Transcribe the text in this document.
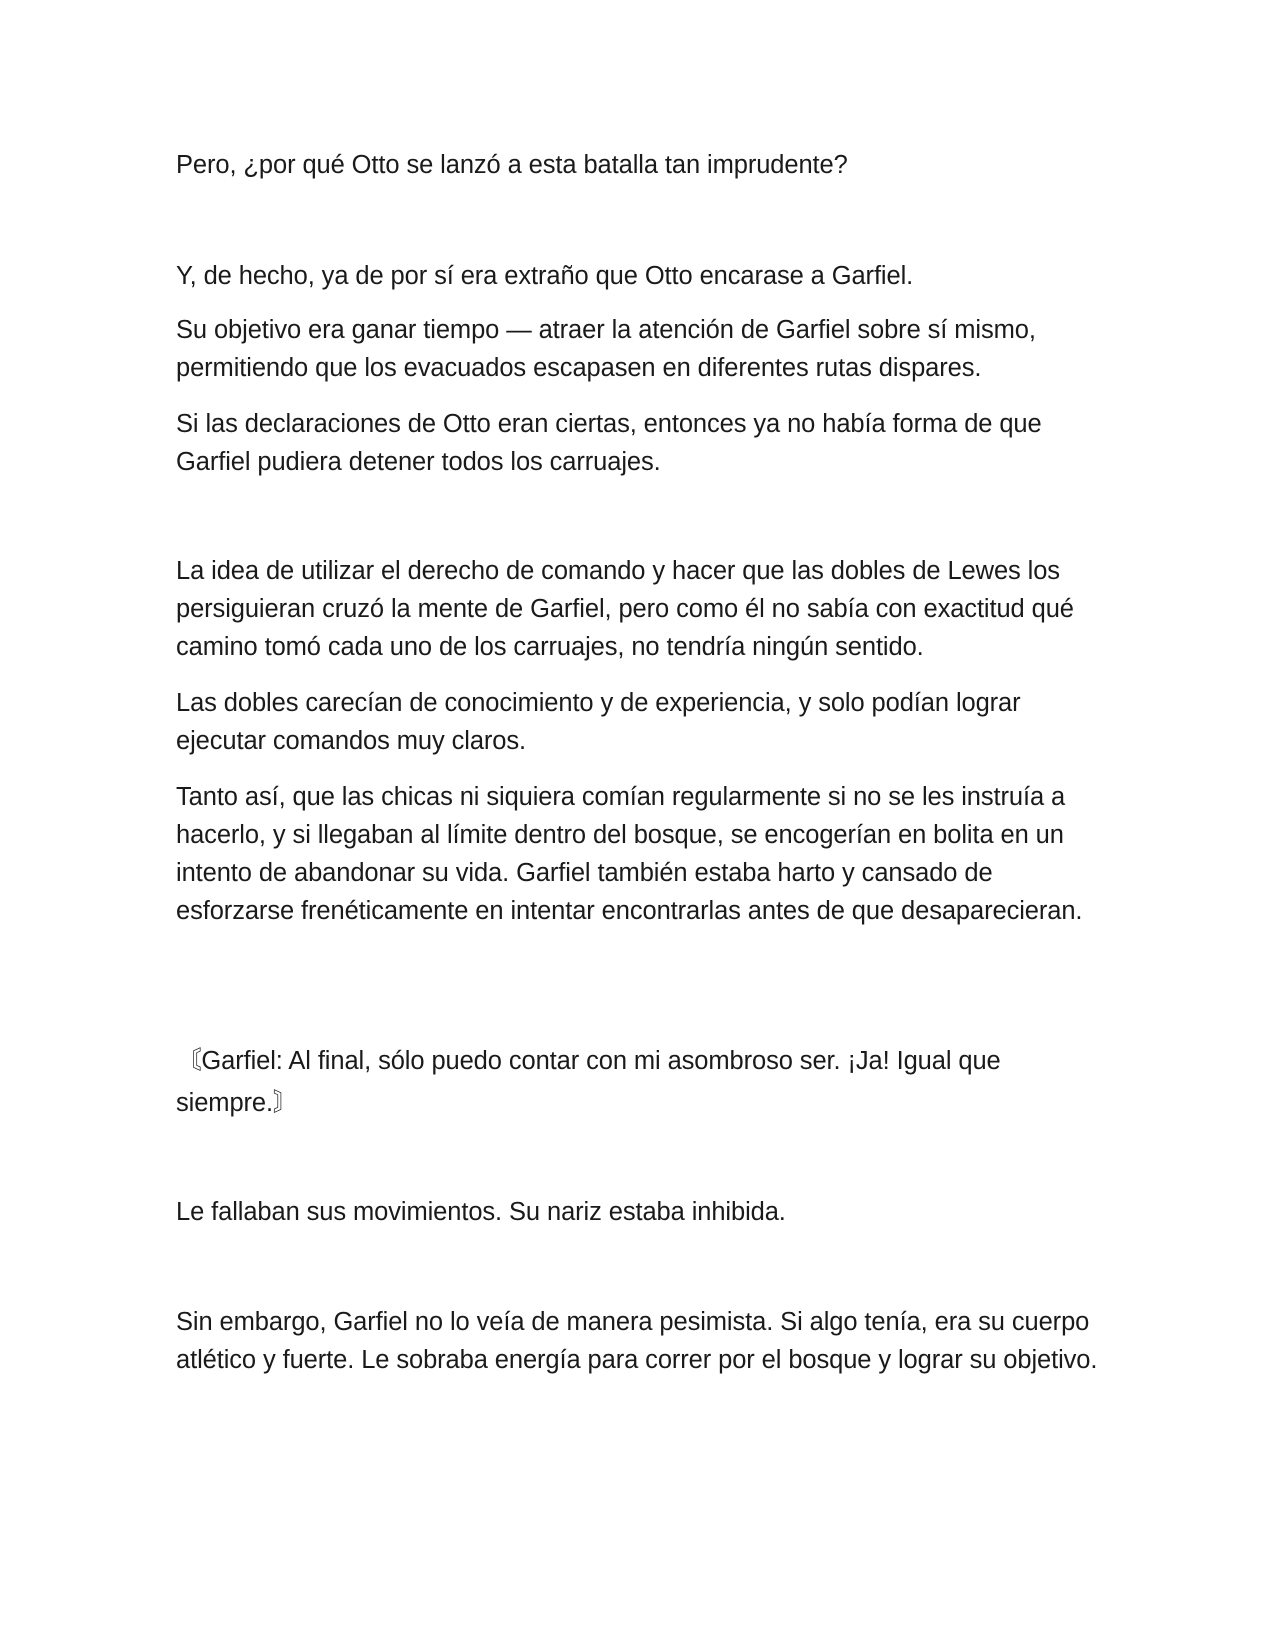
Pero, ¿por qué Otto se lanzó a esta batalla tan imprudente?

Y, de hecho, ya de por sí era extraño que Otto encarase a Garfiel.

Su objetivo era ganar tiempo — atraer la atención de Garfiel sobre sí mismo, permitiendo que los evacuados escapasen en diferentes rutas dispares.

Si las declaraciones de Otto eran ciertas, entonces ya no había forma de que Garfiel pudiera detener todos los carruajes.

La idea de utilizar el derecho de comando y hacer que las dobles de Lewes los persiguieran cruzó la mente de Garfiel, pero como él no sabía con exactitud qué camino tomó cada uno de los carruajes, no tendría ningún sentido.

Las dobles carecían de conocimiento y de experiencia, y solo podían lograr ejecutar comandos muy claros.

Tanto así, que las chicas ni siquiera comían regularmente si no se les instruía a hacerlo, y si llegaban al límite dentro del bosque, se encogerían en bolita en un intento de abandonar su vida. Garfiel también estaba harto y cansado de esforzarse frenéticamente en intentar encontrarlas antes de que desaparecieran.

〘Garfiel: Al final, sólo puedo contar con mi asombroso ser. ¡Ja! Igual que siempre.〙

Le fallaban sus movimientos. Su nariz estaba inhibida.

Sin embargo, Garfiel no lo veía de manera pesimista. Si algo tenía, era su cuerpo atlético y fuerte. Le sobraba energía para correr por el bosque y lograr su objetivo.
